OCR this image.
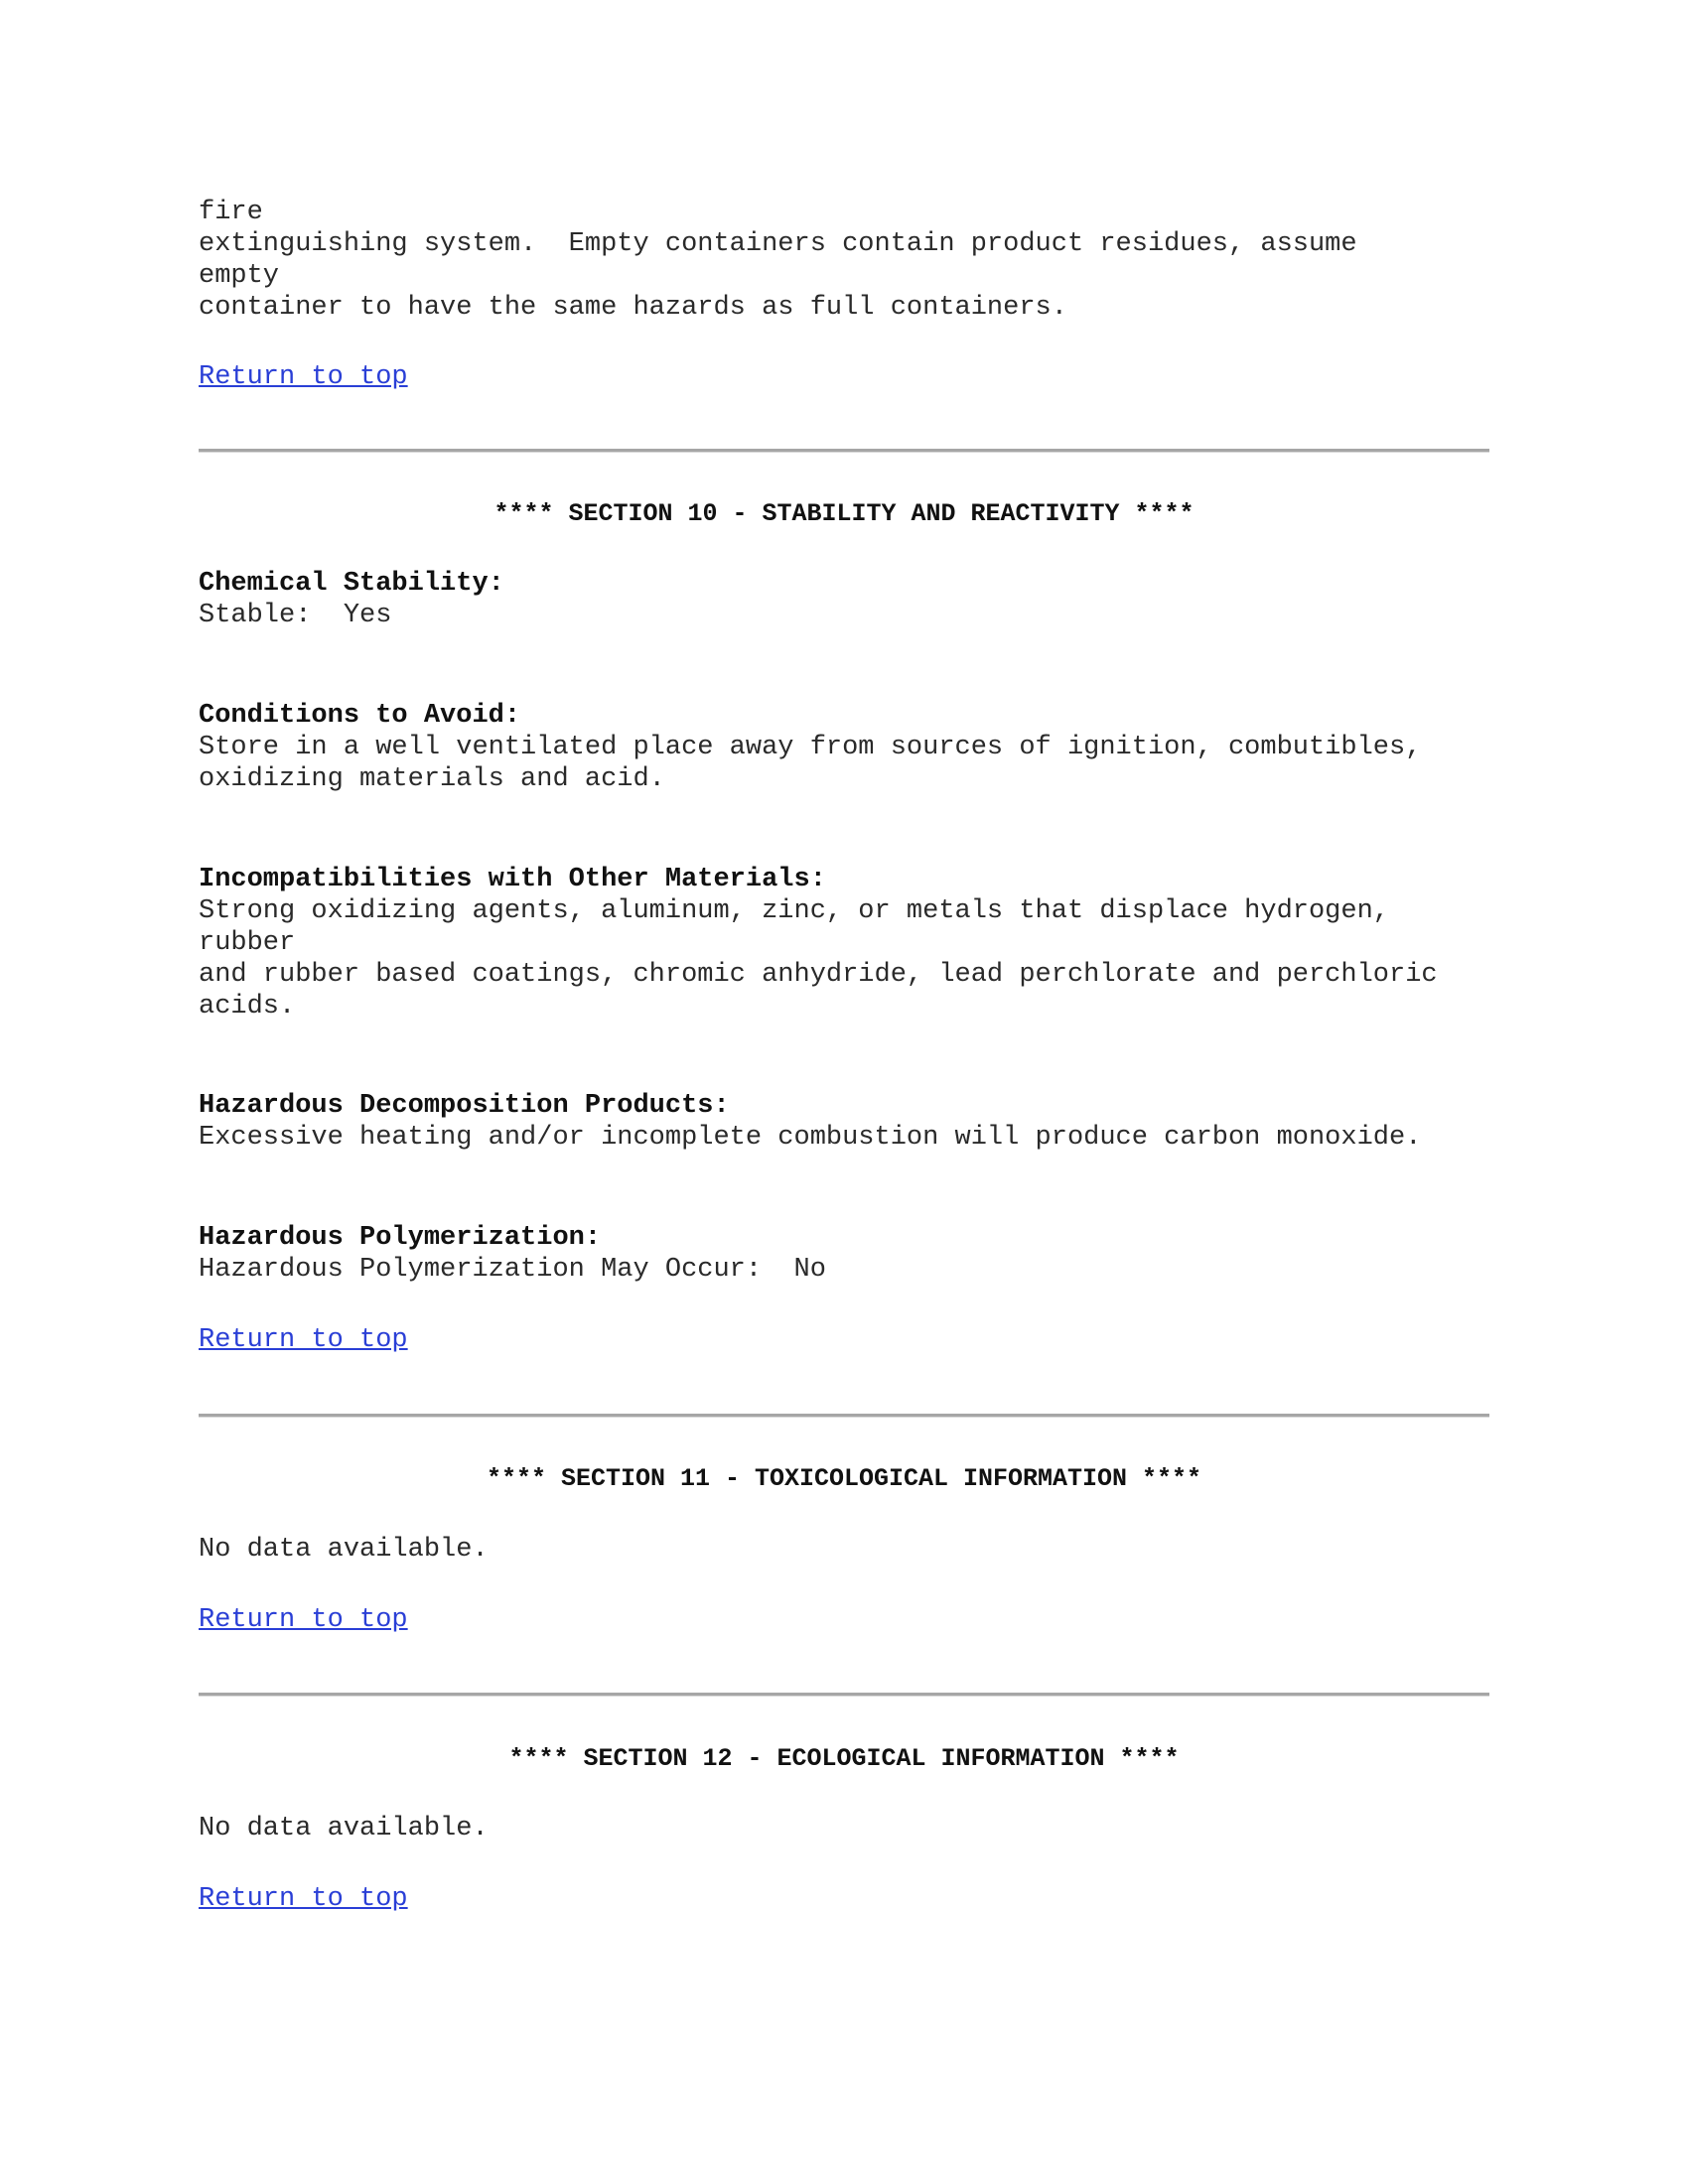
fire
extinguishing system.  Empty containers contain product residues, assume
empty
container to have the same hazards as full containers.
Return to top
**** SECTION 10 - STABILITY AND REACTIVITY ****
Chemical Stability:
Stable:  Yes
Conditions to Avoid:
Store in a well ventilated place away from sources of ignition, combutibles,
oxidizing materials and acid.
Incompatibilities with Other Materials:
Strong oxidizing agents, aluminum, zinc, or metals that displace hydrogen,
rubber
and rubber based coatings, chromic anhydride, lead perchlorate and perchloric
acids.
Hazardous Decomposition Products:
Excessive heating and/or incomplete combustion will produce carbon monoxide.
Hazardous Polymerization:
Hazardous Polymerization May Occur:  No
Return to top
**** SECTION 11 - TOXICOLOGICAL INFORMATION ****
No data available.
Return to top
**** SECTION 12 - ECOLOGICAL INFORMATION ****
No data available.
Return to top
